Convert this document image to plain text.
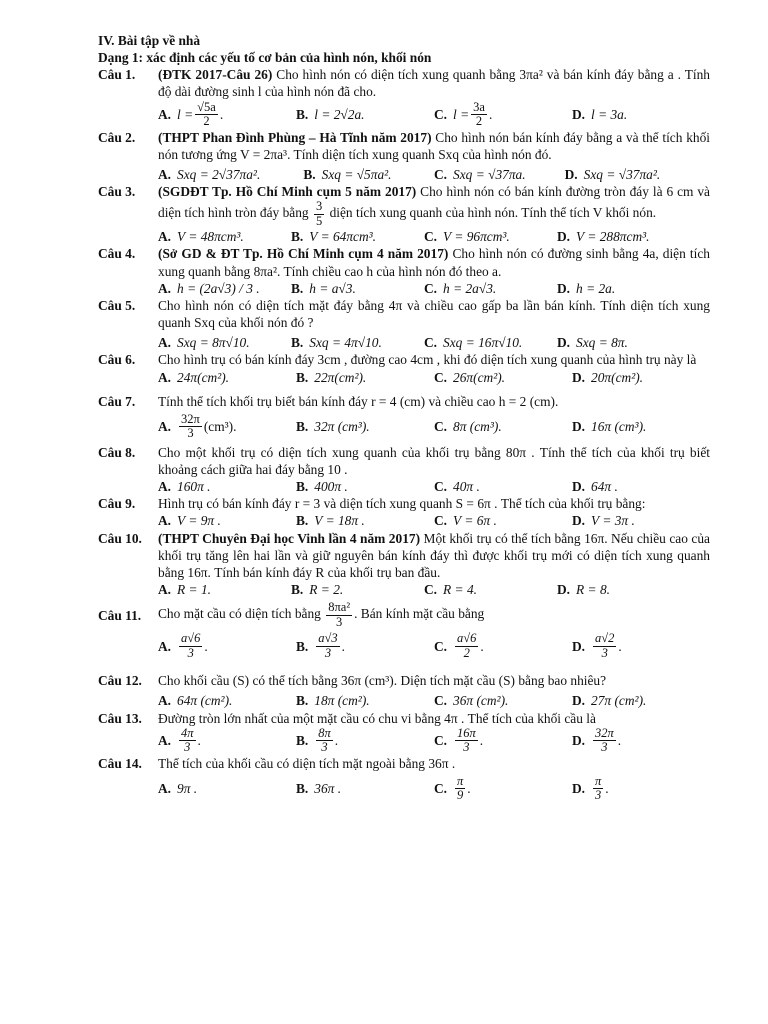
IV. Bài tập về nhà
Dạng 1: xác định các yếu tố cơ bản của hình nón, khối nón
Câu 1. (ĐTK 2017-Câu 26) Cho hình nón có diện tích xung quanh bằng 3πa² và bán kính đáy bằng a . Tính độ dài đường sinh l của hình nón đã cho.
A. $l = \frac{√5a}{2}$ .	B. l = 2√2a.	C. $l = \frac{3a}{2}$ .	D. l = 3a.
Câu 2. (THPT Phan Đình Phùng – Hà Tĩnh năm 2017) Cho hình nón bán kính đáy bằng a và thể tích khối nón tương ứng V = 2πa³. Tính diện tích xung quanh Sxq của hình nón đó.
A. Sxq = 2√37πa².	B. Sxq = √5πa².	C. Sxq = √37πa.	D. Sxq = √37πa².
Câu 3. (SGDĐT Tp. Hồ Chí Minh cụm 5 năm 2017) Cho hình nón có bán kính đường tròn đáy là 6 cm và diện tích hình tròn đáy bằng $\frac{3}{5}$ diện tích xung quanh của hình nón. Tính thể tích V khối nón.
A. V = 48πcm³.	B. V = 64πcm³.	C. V = 96πcm³.	D. V = 288πcm³.
Câu 4. (Sở GD & ĐT Tp. Hồ Chí Minh cụm 4 năm 2017) Cho hình nón có đường sinh bằng 4a, diện tích xung quanh bằng 8πa². Tính chiều cao h của hình nón đó theo a.
A. h = (2a√3) / 3 . B. h = a√3.	C. h = 2a√3.	D. h = 2a.
Câu 5. Cho hình nón có diện tích mặt đáy bằng 4π và chiều cao gấp ba lần bán kính. Tính diện tích xung quanh Sxq của khối nón đó ?
A. Sxq = 8π√10.	B. Sxq = 4π√10.	C. Sxq = 16π√10.	D. Sxq = 8π.
Câu 6. Cho hình trụ có bán kính đáy 3cm , đường cao 4cm , khi đó diện tích xung quanh của hình trụ này là
A. 24π(cm²).	B. 22π(cm²).	C. 26π(cm²).	D. 20π(cm²).
Câu 7. Tính thể tích khối trụ biết bán kính đáy r = 4 (cm) và chiều cao h = 2 (cm).
A. $\frac{32\pi}{3} (cm^3)$.	B. 32π (cm³).	C. 8π (cm³).	D. 16π (cm³).
Câu 8. Cho một khối trụ có diện tích xung quanh của khối trụ bằng 80π . Tính thể tích của khối trụ biết khoảng cách giữa hai đáy bằng 10 .
A. 160π .	B. 400π .	C. 40π .	D. 64π .
Câu 9. Hình trụ có bán kính đáy r = 3 và diện tích xung quanh S = 6π . Thể tích của khối trụ bằng:
A. V = 9π .	B. V = 18π .	C. V = 6π .	D. V = 3π .
Câu 10. (THPT Chuyên Đại học Vinh lần 4 năm 2017) Một khối trụ có thể tích bằng 16π. Nếu chiều cao của khối trụ tăng lên hai lần và giữ nguyên bán kính đáy thì được khối trụ mới có diện tích xung quanh bằng 16π. Tính bán kính đáy R của khối trụ ban đầu.
A. R = 1.	B. R = 2.	C. R = 4.	D. R = 8.
Câu 11. Cho mặt cầu có diện tích bằng $\frac{\text{8πa²}}{3}$ . Bán kính mặt cầu bằng
A. $\frac{a√6}{3}$ .	B. $\frac{a√3}{3}$ .	C. $\frac{a√6}{2}$ .	D. $\frac{a√2}{3}$ .
Câu 12. Cho khối cầu (S) có thể tích bằng 36π (cm³). Diện tích mặt cầu (S) bằng bao nhiêu?
A. 64π (cm²).	B. 18π (cm²).	C. 36π (cm²).	D. 27π (cm²).
Câu 13. Đường tròn lớn nhất của một mặt cầu có chu vi bằng 4π . Thể tích của khối cầu là
A. $\frac{4\pi}{3}$ .	B. $\frac{8\pi}{3}$ .	C. $\frac{16\pi}{3}$ .	D. $\frac{32\pi}{3}$ .
Câu 14. Thể tích của khối cầu có diện tích mặt ngoài bằng 36π .
A. 9π .	B. 36π .	C. $\frac{\pi}{9}$ .	D. $\frac{\pi}{3}$ .
